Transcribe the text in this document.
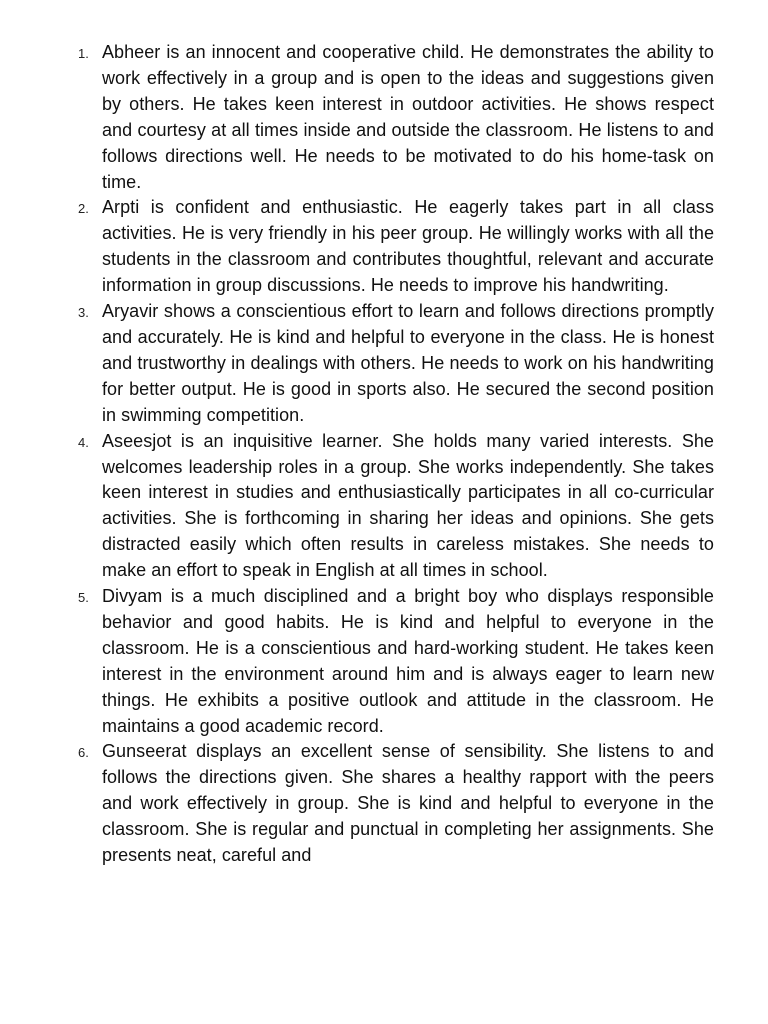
1. Abheer is an innocent and cooperative child. He demonstrates the ability to work effectively in a group and is open to the ideas and suggestions given by others. He takes keen interest in outdoor activities. He shows respect and courtesy at all times inside and outside the classroom. He listens to and follows directions well. He needs to be motivated to do his home-task on time.
2. Arpti is confident and enthusiastic. He eagerly takes part in all class activities. He is very friendly in his peer group. He willingly works with all the students in the classroom and contributes thoughtful, relevant and accurate information in group discussions. He needs to improve his handwriting.
3. Aryavir shows a conscientious effort to learn and follows directions promptly and accurately. He is kind and helpful to everyone in the class. He is honest and trustworthy in dealings with others. He needs to work on his handwriting for better output. He is good in sports also. He secured the second position in swimming competition.
4. Aseesjot is an inquisitive learner. She holds many varied interests. She welcomes leadership roles in a group. She works independently. She takes keen interest in studies and enthusiastically participates in all co-curricular activities. She is forthcoming in sharing her ideas and opinions. She gets distracted easily which often results in careless mistakes. She needs to make an effort to speak in English at all times in school.
5. Divyam is a much disciplined and a bright boy who displays responsible behavior and good habits. He is kind and helpful to everyone in the classroom. He is a conscientious and hard-working student. He takes keen interest in the environment around him and is always eager to learn new things. He exhibits a positive outlook and attitude in the classroom. He maintains a good academic record.
6. Gunseerat displays an excellent sense of sensibility. She listens to and follows the directions given. She shares a healthy rapport with the peers and work effectively in group. She is kind and helpful to everyone in the classroom. She is regular and punctual in completing her assignments. She presents neat, careful and
